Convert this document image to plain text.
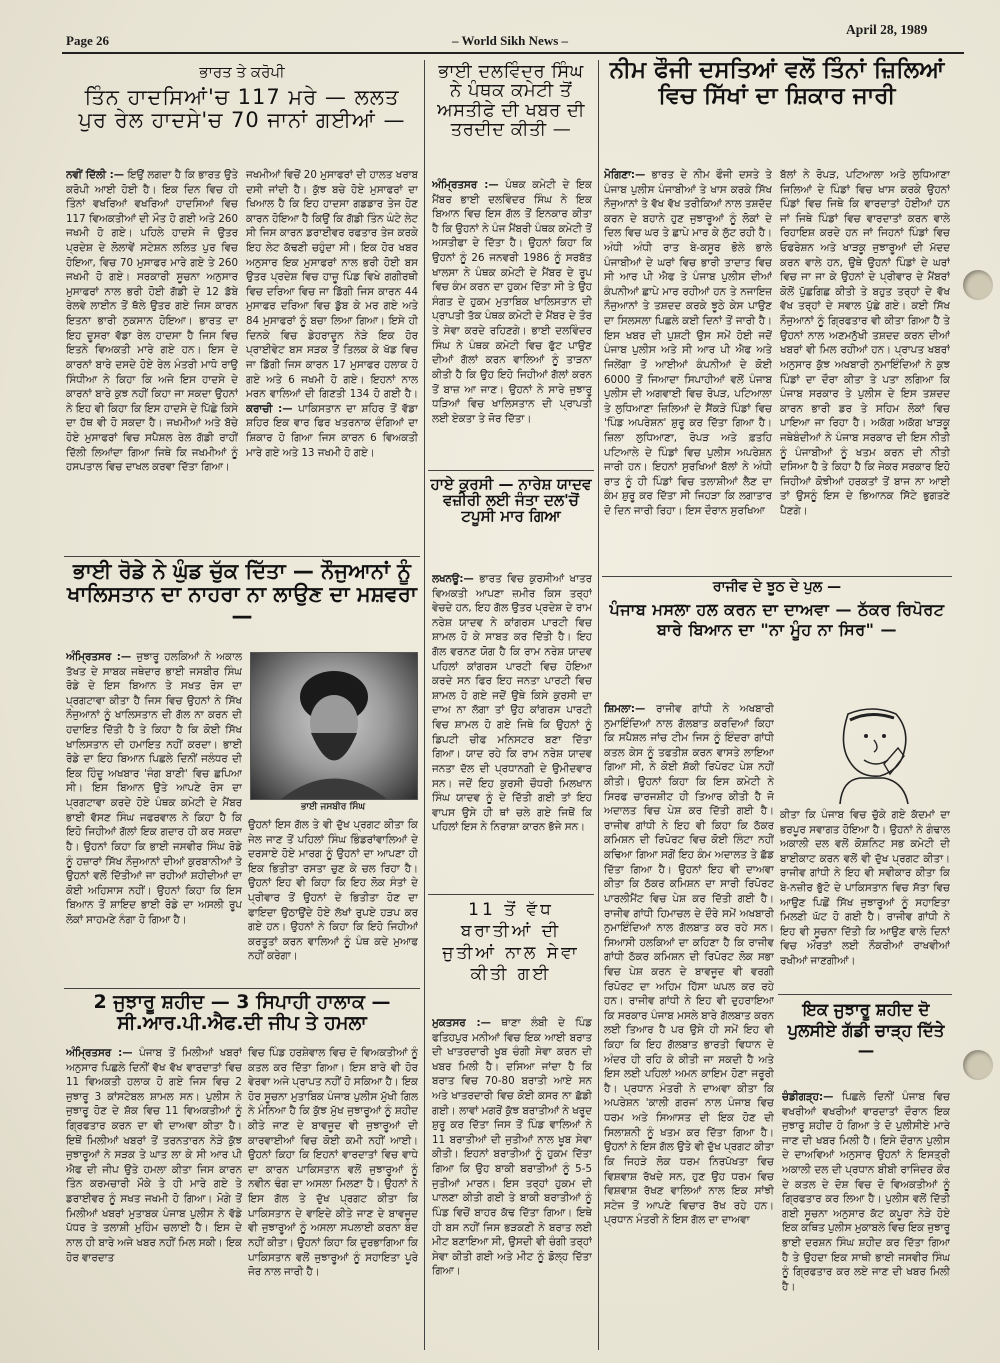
Page 26	– World Sikh News –
April 28, 1989
ਭਾਰਤ ਤੇ ਕਰੋਪੀ
ਤਿੰਨ ਹਾਦਸਿਆਂ'ਚ 117 ਮਰੇ — ਲਲਤ ਪੁਰ ਰੇਲ ਹਾਦਸੇ'ਚ 70 ਜਾਨਾਂ ਗਈਆਂ —
ਨਵੀਂ ਦਿੱਲੀ :— ਇਉਂ ਲਗਦਾ ਹੈ ਕਿ ਭਾਰਤ ਉਤੇ ਕਰੋਪੀ ਆਈ ਹੋਈ ਹੈ। ਇਕ ਦਿਨ ਵਿਚ ਹੀ ਤਿੰਨਾਂ ਵਖਰਿਆਂ ਵਖਰਿਆਂ ਹਾਦਸਿਆਂ ਵਿਚ 117 ਵਿਅਕਤੀਆਂ ਦੀ ਮੌਤ ਹੋ ਗਈ ਅਤੇ 260 ਜਖਮੀ ਹੋ ਗਏ। ਪਹਿਲੇ ਹਾਦਸੇ ਜੋ ਉਤਰ ਪ੍ਰਦੇਸ਼ ਦੇ ਲੋਲਾਵੇਂ ਸਟੇਸ਼ਨ ਲਲਿਤ ਪੁਰ ਵਿਚ ਹੋਇਆ, ਵਿਚ 70 ਮੁਸਾਫਰ ਮਾਰੇ ਗਏ ਤੇ 260 ਜਖਮੀ ਹੋ ਗਏ। ਸਰਕਾਰੀ ਸੂਚਨਾ ਅਨੁਸਾਰ ਮੁਸਾਫਰਾਂ ਨਾਲ ਭਰੀ ਹੋਈ ਗੱਡੀ ਦੇ 12 ਡੱਬੇ ਰੇਲਵੇ ਲਾਈਨ ਤੋਂ ਥੱਲੇ ਉਤਰ ਗਏ ਜਿਸ ਕਾਰਨ ਇਤਨਾ ਭਾਰੀ ਨੁਕਸਾਨ ਹੋਇਆ। ਭਾਰਤ ਦਾ ਇਹ ਦੂਸਰਾ ਵੱਡਾ ਰੇਲ ਹਾਦਸਾ ਹੈ ਜਿਸ ਵਿਚ ਇਤਨੇ ਵਿਅਕਤੀ ਮਾਰੇ ਗਏ ਹਨ। ਇਸ ਦੇ ਕਾਰਨਾਂ ਬਾਰੇ ਦਸਦੇ ਹੋਏ ਰੇਲ ਮੰਤਰੀ ਮਾਧੋ ਰਾਉ ਸਿੰਧੀਆ ਨੇ ਕਿਹਾ ਕਿ ਅਜੇ ਇਸ ਹਾਦਸੇ ਦੇ ਕਾਰਨਾਂ ਬਾਰੇ ਕੁਝ ਨਹੀਂ ਕਿਹਾ ਜਾ ਸਕਦਾ ਉਹਨਾਂ ਨੇ ਇਹ ਵੀ ਕਿਹਾ ਕਿ ਇਸ ਹਾਦਸੇ ਦੇ ਪਿੱਛੇ ਕਿਸੇ ਦਾ ਹੱਥ ਵੀ ਹੋ ਸਕਦਾ ਹੈ। ਜਖਮੀਆਂ ਅਤੇ ਬੱਚੇ ਹੋਏ ਮੁਸਾਫਰਾਂ ਵਿਚ ਸਪੈਸ਼ਲ ਰੇਲ ਗੱਡੀ ਰਾਹੀਂ ਦਿੱਲੀ ਲਿਆਂਦਾ ਗਿਆ ਜਿਥੇ ਕਿ ਜਖਮੀਆਂ ਨੂੰ ਹਸਪਤਾਲ ਵਿਚ ਦਾਖਲ ਕਰਵਾ ਦਿੱਤਾ ਗਿਆ।
ਜਖਮੀਆਂ ਵਿਚੋਂ 20 ਮੁਸਾਫਰਾਂ ਦੀ ਹਾਲਤ ਖਰਾਬ ਦਸੀ ਜਾਂਦੀ ਹੈ। ਕੁੱਝ ਬਚੇ ਹੋਏ ਮੁਸਾਫਰਾਂ ਦਾ ਖਿਆਲ ਹੈ ਕਿ ਇਹ ਹਾਦਸਾ ਗਡਡਾਰ ਤੇਜ ਹੋਣ ਕਾਰਨ ਹੋਇਆ ਹੈ ਕਿਉਂ ਕਿ ਗੱਡੀ ਤਿੰਨ ਘੰਟੇ ਲੇਟ ਸੀ ਜਿਸ ਕਾਰਨ ਡਰਾਈਵਰ ਰਫਤਾਰ ਤੇਜ ਕਰਕੇ ਇਹ ਲੇਟ ਕੱਢਣੀ ਚਹੁੰਦਾ ਸੀ। ਇਕ ਹੋਰ ਖਬਰ ਅਨੁਸਾਰ ਇਕ ਮੁਸਾਫਰਾਂ ਨਾਲ ਭਰੀ ਹੋਈ ਬਸ ਉਤਰ ਪ੍ਰਦੇਸ਼ ਵਿਚ ਹਾਜ਼ੂ ਪਿੰਡ ਵਿਖੇ ਗਗੀਰਥੀ ਵਿਚ ਦਰਿਆ ਵਿਚ ਜਾ ਡਿੱਗੀ ਜਿਸ ਕਾਰਨ 44 ਮੁਸਾਫਰ ਦਰਿਆ ਵਿਚ ਡੁੱਬ ਕੇ ਮਰ ਗਏ ਅਤੇ 84 ਮੁਸਾਫਰਾਂ ਨੂੰ ਬਚਾ ਲਿਆ ਗਿਆ। ਇਸੇ ਹੀ ਦਿਨਕੇ ਵਿਚ ਡੇਹਰਾਦੂਨ ਨੇੜੇ ਇਕ ਹੋਰ ਪ੍ਰਾਈਵੇਟ ਬਸ ਸੜਕ ਤੋਂ ਤਿਲਕ ਕੇ ਖੱਡ ਵਿਚ ਜਾ ਡਿੱਗੀ ਜਿਸ ਕਾਰਨ 17 ਮੁਸਾਫਰ ਹਲਾਕ ਹੋ ਗਏ ਅਤੇ 6 ਜਖਮੀ ਹੋ ਗਏ। ਇਹਨਾਂ ਨਾਲ ਮਰਨ ਵਾਲਿਆਂ ਦੀ ਗਿਣਤੀ 134 ਹੋ ਗਈ ਹੈ। ਕਰਾਚੀ :— ਪਾਕਿਸਤਾਨ ਦਾ ਸ਼ਹਿਰ ਤੋਂ ਵੱਡਾ ਸ਼ਹਿਰ ਇਕ ਵਾਰ ਫਿਰ ਖਤਰਨਾਕ ਦੰਗਿਆਂ ਦਾ ਸ਼ਿਕਾਰ ਹੋ ਗਿਆ ਜਿਸ ਕਾਰਨ 6 ਵਿਅਕਤੀ ਮਾਰੇ ਗਏ ਅਤੇ 13 ਜਖਮੀ ਹੋ ਗਏ।
ਭਾਈ ਰੋਡੇ ਨੇ ਘੁੰਡ ਚੁੱਕ ਦਿੱਤਾ — ਨੌਜੁਆਨਾਂ ਨੂੰ ਖਾਲਿਸਤਾਨ ਦਾ ਨਾਹਰਾ ਨਾ ਲਾਉਣ ਦਾ ਮਸ਼ਵਰਾ —
ਅੰਮ੍ਰਿਤਸਰ :— ਜੁਝਾਰੂ ਹਲਕਿਆਂ ਨੇ ਅਕਾਲ ਤੱਖਤ ਦੇ ਸਾਬਕ ਜਥੇਦਾਰ ਭਾਈ ਜਸਬੀਰ ਸਿੰਘ ਰੋਡੇ ਦੇ ਇਸ ਬਿਆਨ ਤੇ ਸਖਤ ਰੋਸ ਦਾ ਪ੍ਰਗਟਾਵਾ ਕੀਤਾ ਹੈ ਜਿਸ ਵਿਚ ਉਹਨਾਂ ਨੇ ਸਿੱਖ ਨੌਜੁਆਨਾਂ ਨੂੰ ਖਾਲਿਸਤਾਨ ਦੀ ਗੱਲ ਨਾ ਕਰਨ ਦੀ ਹਦਾਇਤ ਦਿੱਤੀ ਹੈ ਤੇ ਕਿਹਾ ਹੈ ਕਿ ਕੋਈ ਸਿੱਖ ਖਾਲਿਸਤਾਨ ਦੀ ਹਮਾਇਤ ਨਹੀਂ ਕਰਦਾ। ਭਾਈ ਰੋਡੇ ਦਾ ਇਹ ਬਿਆਨ ਪਿਛਲੇ ਦਿਨੀਂ ਜਲੰਧਰ ਦੀ ਇਕ ਹਿੰਦੂ ਅਖਬਾਰ 'ਜੰਗ ਬਾਣੀ' ਵਿਚ ਛਪਿਆ ਸੀ। ਇਸ ਬਿਆਨ ਉਤੇ ਆਪਣੇ ਰੋਸ ਦਾ ਪ੍ਰਗਟਾਵਾ ਕਰਦੇ ਹੋਏ ਪੰਥਕ ਕਮੇਟੀ ਦੇ ਮੈਂਬਰ ਭਾਈ ਵੱਸਣ ਸਿੰਘ ਜਫਰਵਾਲ ਨੇ ਕਿਹਾ ਹੈ ਕਿ ਇਹੋ ਜਿਹੀਆਂ ਗੱਲਾਂ ਇਕ ਗਦਾਰ ਹੀ ਕਰ ਸਕਦਾ ਹੈ। ਉਹਨਾਂ ਕਿਹਾ ਕਿ ਭਾਈ ਜਸਵੀਰ ਸਿੰਘ ਰੋਡੇ ਨੂੰ ਹਜ਼ਾਰਾਂ ਸਿੱਖ ਨੌਜੁਆਨਾਂ ਦੀਆਂ ਕੁਰਬਾਨੀਆਂ ਤੇ ਉਹਨਾਂ ਵਲੋਂ ਦਿੱਤੀਆਂ ਜਾ ਰਹੀਆਂ ਸ਼ਹੀਦੀਆਂ ਦਾ ਕੋਈ ਅਹਿਸਾਸ ਨਹੀਂ। ਉਹਨਾਂ ਕਿਹਾ ਕਿ ਇਸ ਬਿਆਨ ਤੋਂ ਸ਼ਾਇਦ ਭਾਈ ਰੋਡੇ ਦਾ ਅਸਲੀ ਰੂਪ ਲੋਕਾਂ ਸਾਹਮਣੇ ਨੰਗਾ ਹੋ ਗਿਆ ਹੈ।
ਭਾਈ ਜਸਬੀਰ ਸਿੰਘ
ਉਹਨਾਂ ਇਸ ਗੱਲ ਤੇ ਵੀ ਦੁੱਖ ਪ੍ਰਗਟ ਕੀਤਾ ਕਿ ਜੇਲ ਜਾਣ ਤੋਂ ਪਹਿਲਾਂ ਸਿੰਘ ਭਿੰਡਰਾਂਵਾਲਿਆਂ ਦੇ ਦਰਸਾਏ ਹੋਏ ਮਾਰਗ ਨੂੰ ਉਹਨਾਂ ਦਾ ਆਪਣਾ ਹੀ ਇਕ ਭਿਤੀਤਾ ਰਸਤਾ ਚੁਣ ਕੇ ਚਲ ਰਿਹਾ ਹੈ। ਉਹਨਾਂ ਇਹ ਵੀ ਕਿਹਾ ਕਿ ਇਹ ਲੋਕ ਸੰਤਾਂ ਦੇ ਪ੍ਰੀਵਾਰ ਤੋਂ ਉਹਨਾਂ ਦੇ ਭਿਤੀਤਾ ਹੋਣ ਦਾ ਫਾਇਦਾ ਉਠਾਉਂਦੇ ਹੋਏ ਲੱਖਾਂ ਰੁਪਏ ਹੜਪ ਕਰ ਗਏ ਹਨ। ਉਹਨਾਂ ਨੇ ਕਿਹਾ ਕਿ ਇਹੋ ਜਿਹੀਆਂ ਕਰਤੂਤਾਂ ਕਰਨ ਵਾਲਿਆਂ ਨੂੰ ਪੰਥ ਕਦੇ ਮੁਆਫ ਨਹੀਂ ਕਰੇਗਾ।
2 ਜੁਝਾਰੂ ਸ਼ਹੀਦ — 3 ਸਿਪਾਹੀ ਹਾਲਾਕ — ਸੀ.ਆਰ.ਪੀ.ਐਫ.ਦੀ ਜੀਪ ਤੇ ਹਮਲਾ
ਅੰਮ੍ਰਿਤਸਰ :— ਪੰਜਾਬ ਤੋਂ ਮਿਲੀਆਂ ਖਬਰਾਂ ਅਨੁਸਾਰ ਪਿਛਲੇ ਦਿਨੀਂ ਵੱਖ ਵੱਖ ਵਾਰਦਾਤਾਂ ਵਿਚ 11 ਵਿਅਕਤੀ ਹਲਾਕ ਹੋ ਗਏ ਜਿਸ ਵਿਚ 2 ਜੁਝਾਰੂ 3 ਕਾਂਸਟੇਬਲ ਸ਼ਾਮਲ ਸਨ। ਪੁਲੀਸ ਨੇ ਜੁਝਾਰੂ ਹੋਣ ਦੇ ਸ਼ੱਕ ਵਿਚ 11 ਵਿਅਕਤੀਆਂ ਨੂੰ ਗ੍ਰਿਫਤਾਰ ਕਰਨ ਦਾ ਵੀ ਦਾਅਵਾ ਕੀਤਾ ਹੈ। ਇਥੋਂ ਮਿਲੀਆਂ ਖਬਰਾਂ ਤੋਂ ਤਰਨਤਾਰਨ ਨੇੜੇ ਕੁੱਝ ਜੁਝਾਰੂਆਂ ਨੇ ਸੜਕ ਤੇ ਘਾਤ ਲਾ ਕੇ ਸੀ ਆਰ ਪੀ ਐਫ ਦੀ ਜੀਪ ਉਤੇ ਹਮਲਾ ਕੀਤਾ ਜਿਸ ਕਾਰਨ ਤਿੰਨ ਕਰਮਚਾਰੀ ਮੌਕੇ ਤੇ ਹੀ ਮਾਰੇ ਗਏ ਤੇ ਡਰਾਈਵਰ ਨੂੰ ਸਖਤ ਜਖਮੀ ਹੋ ਗਿਆ। ਮੋਗੇ ਤੋਂ ਮਿਲੀਆਂ ਖਬਰਾਂ ਮੁਤਾਬਕ ਪੰਜਾਬ ਪੁਲੀਸ ਨੇ ਵੱਡੇ ਪੱਧਰ ਤੇ ਤਲਾਸ਼ੀ ਮੁਹਿੰਮ ਚਲਾਈ ਹੈ। ਇਸ ਦੇ ਨਾਲ ਹੀ ਬਾਰੇ ਅਜੇ ਖਬਰ ਨਹੀਂ ਮਿਲ ਸਕੀ। ਇਕ ਹੋਰ ਵਾਰਦਾਤ
ਵਿਚ ਪਿੰਡ ਹਰਸ਼ੇਵਾਲ ਵਿਚ ਦੋ ਵਿਅਕਤੀਆਂ ਨੂੰ ਕਤਲ ਕਰ ਦਿੱਤਾ ਗਿਆ। ਇਸ ਬਾਰੇ ਵੀ ਹੋਰ ਵੇਰਵਾ ਅਜੇ ਪ੍ਰਾਪਤ ਨਹੀਂ ਹੋ ਸਕਿਆ ਹੈ। ਇਕ ਹੋਰ ਸੂਚਨਾ ਮੁਤਾਬਿਕ ਪੰਜਾਬ ਪੁਲੀਸ ਮੁੱਖੀ ਗਿਲ ਨੇ ਮੰਨਿਆ ਹੈ ਕਿ ਕੁੱਝ ਮੁੱਖ ਜੁਝਾਰੂਆਂ ਨੂੰ ਸ਼ਹੀਦ ਕੀਤੇ ਜਾਣ ਦੇ ਬਾਵਜੂਦ ਵੀ ਜੁਝਾਰੂਆਂ ਦੀ ਕਾਰਵਾਈਆਂ ਵਿਚ ਕੋਈ ਕਮੀ ਨਹੀਂ ਆਈ। ਉਹਨਾਂ ਕਿਹਾ ਕਿ ਇਹਨਾਂ ਵਾਰਦਾਤਾਂ ਵਿਚ ਵਾਧੇ ਦਾ ਕਾਰਨ ਪਾਕਿਸਤਾਨ ਵਲੋਂ ਜੁਝਾਰੂਆਂ ਨੂੰ ਨਵੀਨ ਢੰਗ ਦਾ ਅਸਲਾ ਮਿਲਣਾ ਹੈ। ਉਹਨਾਂ ਨੇ ਇਸ ਗੱਲ ਤੇ ਦੁੱਖ ਪ੍ਰਗਟ ਕੀਤਾ ਕਿ ਪਾਕਿਸਤਾਨ ਦੇ ਵਾਇਦੇ ਕੀਤੇ ਜਾਣ ਦੇ ਬਾਵਜੂਦ ਵੀ ਜੁਝਾਰੂਆਂ ਨੂੰ ਅਸਲਾ ਸਪਲਾਈ ਕਰਨਾ ਬੰਦ ਨਹੀਂ ਕੀਤਾ। ਉਹਨਾਂ ਕਿਹਾ ਕਿ ਦੁਰਭਾਗਿਆ ਕਿ ਪਾਕਿਸਤਾਨ ਵਲੋਂ ਜੁਝਾਰੂਆਂ ਨੂੰ ਸਹਾਇਤਾ ਪੂਰੇ ਜੋਰ ਨਾਲ ਜਾਰੀ ਹੈ।
ਭਾਈ ਦਲਵਿੰਦਰ ਸਿੰਘ ਨੇ ਪੰਥਕ ਕਮੇਟੀ ਤੋਂ ਅਸਤੀਫੇ ਦੀ ਖਬਰ ਦੀ ਤਰਦੀਦ ਕੀਤੀ —
ਅੰਮ੍ਰਿਤਸਰ :— ਪੰਥਕ ਕਮੇਟੀ ਦੇ ਇਕ ਮੈਂਬਰ ਭਾਈ ਦਲਵਿੰਦਰ ਸਿੰਘ ਨੇ ਇਕ ਬਿਆਨ ਵਿਚ ਇਸ ਗੱਲ ਤੋਂ ਇਨਕਾਰ ਕੀਤਾ ਹੈ ਕਿ ਉਹਨਾਂ ਨੇ ਪੰਜ ਮੈਂਬਰੀ ਪੰਥਕ ਕਮੇਟੀ ਤੋਂ ਅਸਤੀਫਾ ਦੇ ਦਿੱਤਾ ਹੈ। ਉਹਨਾਂ ਕਿਹਾ ਕਿ ਉਹਨਾਂ ਨੂੰ 26 ਜਨਵਰੀ 1986 ਨੂੰ ਸਰਬੱਤ ਖਾਲਸਾ ਨੇ ਪੰਥਕ ਕਮੇਟੀ ਦੇ ਮੈਂਬਰ ਦੇ ਰੂਪ ਵਿਚ ਕੰਮ ਕਰਨ ਦਾ ਹੁਕਮ ਦਿੱਤਾ ਸੀ ਤੇ ਉਹ ਸੰਗਤ ਦੇ ਹੁਕਮ ਮੁਤਾਬਿਕ ਖਾਲਿਸਤਾਨ ਦੀ ਪ੍ਰਾਪਤੀ ਤੱਕ ਪੰਥਕ ਕਮੇਟੀ ਦੇ ਮੈਂਬਰ ਦੇ ਤੌਰ ਤੇ ਸੇਵਾ ਕਰਦੇ ਰਹਿਣਗੇ। ਭਾਈ ਦਲਵਿੰਦਰ ਸਿੰਘ ਨੇ ਪੰਥਕ ਕਮੇਟੀ ਵਿਚ ਫੁੱਟ ਪਾਉਣ ਦੀਆਂ ਗੱਲਾਂ ਕਰਨ ਵਾਲਿਆਂ ਨੂੰ ਤਾੜਨਾ ਕੀਤੀ ਹੈ ਕਿ ਉਹ ਇਹੋ ਜਿਹੀਆਂ ਗੱਲਾਂ ਕਰਨ ਤੋਂ ਬਾਜ਼ ਆ ਜਾਣ। ਉਹਨਾਂ ਨੇ ਸਾਰੇ ਜੁਝਾਰੂ ਧੜਿਆਂ ਵਿਚ ਖਾਲਿਸਤਾਨ ਦੀ ਪ੍ਰਾਪਤੀ ਲਈ ਏਕਤਾ ਤੇ ਜੋਰ ਦਿੱਤਾ।
ਹਾਏ ਕੁਰਸੀ — ਨਾਰੇਸ਼ ਯਾਦਵ ਵਜ਼ੀਰੀ ਲਈ ਜੰਤਾ ਦਲ'ਚੋਂ ਟਪੂਸੀ ਮਾਰ ਗਿਆ
ਲਖਨਊ:— ਭਾਰਤ ਵਿਚ ਕੁਰਸੀਆਂ ਖਾਤਰ ਵਿਅਕਤੀ ਆਪਣਾ ਜ਼ਮੀਰ ਕਿਸ ਤਰ੍ਹਾਂ ਵੇਚਦੇ ਹਨ, ਇਹ ਗੱਲ ਉਤਰ ਪ੍ਰਦੇਸ਼ ਦੇ ਰਾਮ ਨਰੇਸ਼ ਯਾਦਵ ਨੇ ਕਾਂਗਰਸ ਪਾਰਟੀ ਵਿਚ ਸ਼ਾਮਲ ਹੋ ਕੇ ਸਾਬਤ ਕਰ ਦਿੱਤੀ ਹੈ। ਇਹ ਗੱਲ ਵਰਨਣ ਯੋਗ ਹੈ ਕਿ ਰਾਮ ਨਰੇਸ਼ ਯਾਦਵ ਪਹਿਲਾਂ ਕਾਂਗਰਸ ਪਾਰਟੀ ਵਿਚ ਹੋਇਆ ਕਰਦੇ ਸਨ ਫਿਰ ਇਹ ਜਨਤਾ ਪਾਰਟੀ ਵਿਚ ਸ਼ਾਮਲ ਹੋ ਗਏ ਜਦੋਂ ਉਥੇ ਕਿਸੇ ਕੁਰਸੀ ਦਾ ਦਾਅ ਨਾ ਲੱਗਾ ਤਾਂ ਉਹ ਕਾਂਗਰਸ ਪਾਰਟੀ ਵਿਚ ਸ਼ਾਮਲ ਹੋ ਗਏ ਜਿਥੇ ਕਿ ਉਹਨਾਂ ਨੂੰ ਡਿਪਟੀ ਚੀਫ ਮਨਿਸਟਰ ਬਣਾ ਦਿੱਤਾ ਗਿਆ। ਯਾਦ ਰਹੇ ਕਿ ਰਾਮ ਨਰੇਸ਼ ਯਾਦਵ ਜਨਤਾ ਦੱਲ ਦੀ ਪ੍ਰਧਾਨਗੀ ਦੇ ਉਮੀਦਵਾਰ ਸਨ। ਜਦੋਂ ਇਹ ਕੁਰਸੀ ਚੌਧਰੀ ਮਿਲਖਾਨ ਸਿੰਘ ਯਾਦਵ ਨੂੰ ਦੇ ਦਿੱਤੀ ਗਈ ਤਾਂ ਇਹ ਵਾਪਸ ਉਸੇ ਹੀ ਥਾਂ ਚਲੇ ਗਏ ਜਿਥੋਂ ਕਿ ਪਹਿਲਾਂ ਇਸ ਨੇ ਨਿਰਾਸ਼ਾ ਕਾਰਨ ਭੱਜੇ ਸਨ।
11 ਤੋਂ ਵੱਧ ਬਰਾਤੀਆਂ ਦੀ ਜੁਤੀਆਂ ਨਾਲ ਸੇਵਾ ਕੀਤੀ ਗਈ
ਮੁਕਤਸਰ :— ਥਾਣਾ ਲੰਬੀ ਦੇ ਪਿੰਡ ਫਤਿਹਪੁਰ ਮਨੀਆਂ ਵਿਚ ਇਕ ਆਈ ਬਰਾਤ ਦੀ ਖਾਤਰਦਾਰੀ ਖੂਬ ਚੰਗੀ ਸੇਵਾ ਕਰਨ ਦੀ ਖਬਰ ਮਿਲੀ ਹੈ। ਦਸਿਆ ਜਾਂਦਾ ਹੈ ਕਿ ਬਰਾਤ ਵਿਚ 70-80 ਬਰਾਤੀ ਆਏ ਸਨ ਅਤੇ ਖਾਤਰਦਾਰੀ ਵਿਚ ਕੋਈ ਕਸਰ ਨਾ ਛੱਡੀ ਗਈ। ਲਾਵਾਂ ਮਗਰੋਂ ਕੁੱਝ ਬਰਾਤੀਆਂ ਨੇ ਖਰੂਦ ਸ਼ੁਰੂ ਕਰ ਦਿੱਤਾ ਜਿਸ ਤੋਂ ਪਿੰਡ ਵਾਲਿਆਂ ਨੇ 11 ਬਰਾਤੀਆਂ ਦੀ ਜੁਤੀਆਂ ਨਾਲ ਖੂਬ ਸੇਵਾ ਕੀਤੀ। ਇਹਨਾਂ ਬਰਾਤੀਆਂ ਨੂੰ ਹੁਕਮ ਦਿੱਤਾ ਗਿਆ ਕਿ ਉਹ ਬਾਕੀ ਬਰਾਤੀਆਂ ਨੂੰ 5-5 ਜੁਤੀਆਂ ਮਾਰਨ। ਇਸ ਤਰ੍ਹਾਂ ਹੁਕਮ ਦੀ ਪਾਲਣਾ ਕੀਤੀ ਗਈ ਤੇ ਬਾਕੀ ਬਰਾਤੀਆਂ ਨੂੰ ਪਿੰਡ ਵਿਚੋਂ ਬਾਹਰ ਕੱਢ ਦਿੱਤਾ ਗਿਆ। ਇਥੇ ਹੀ ਬਸ ਨਹੀਂ ਜਿਸ ਭੜਕਣੀ ਨੇ ਬਰਾਤ ਲਈ ਮੀਟ ਬਣਾਇਆ ਸੀ, ਉਸਦੀ ਵੀ ਚੰਗੀ ਤਰ੍ਹਾਂ ਸੇਵਾ ਕੀਤੀ ਗਈ ਅਤੇ ਮੀਟ ਨੂੰ ਡੋਲ੍ਹ ਦਿੱਤਾ ਗਿਆ।
ਨੀਮ ਫੌਜੀ ਦਸਤਿਆਂ ਵਲੋਂ ਤਿੰਨਾਂ ਜ਼ਿਲਿਆਂ ਵਿਚ ਸਿੱਖਾਂ ਦਾ ਸ਼ਿਕਾਰ ਜਾਰੀ
ਮੋਗਿਣਾ:— ਭਾਰਤ ਦੇ ਨੀਮ ਫੌਜੀ ਦਸਤੇ ਤੇ ਪੰਜਾਬ ਪੁਲੀਸ ਪੰਜਾਬੀਆਂ ਤੇ ਖਾਸ ਕਰਕੇ ਸਿੱਖ ਨੌਜੁਆਨਾਂ ਤੇ ਵੱਖ ਵੱਖ ਤਰੀਕਿਆਂ ਨਾਲ ਤਸ਼ਦੱਦ ਕਰਨ ਦੇ ਬਹਾਨੇ ਹੁਣ ਜੁਝਾਰੂਆਂ ਨੂੰ ਲੋਕਾਂ ਦੇ ਦਿਲ ਵਿਚ ਘਰ ਤੇ ਛਾਪੇ ਮਾਰ ਕੇ ਲੁੱਟ ਰਹੀ ਹੈ। ਅੰਧੀ ਅੰਧੀ ਰਾਤ ਬੇ-ਕਸੂਰ ਭੋਲੇ ਭਾਲੇ ਪੰਜਾਬੀਆਂ ਦੇ ਘਰਾਂ ਵਿਚ ਭਾਰੀ ਤਾਦਾਤ ਵਿਚ ਸੀ ਆਰ ਪੀ ਐਫ ਤੇ ਪੰਜਾਬ ਪੁਲੀਸ ਦੀਆਂ ਕੰਪਨੀਆਂ ਛਾਪੇ ਮਾਰ ਰਹੀਆਂ ਹਨ ਤੇ ਨਜਾਇਜ਼ ਨੌਜੁਆਨਾਂ ਤੇ ਤਸ਼ਦਦ ਕਰਕੇ ਝੂਠੇ ਕੇਸ ਪਾਉਣ ਦਾ ਸਿਲਸਲਾ ਪਿਛਲੇ ਕਈ ਦਿਨਾਂ ਤੋਂ ਜਾਰੀ ਹੈ। ਇਸ ਖਬਰ ਦੀ ਪੁਸ਼ਟੀ ਉਸ ਸਮੇਂ ਹੋਈ ਜਦੋਂ ਪੰਜਾਬ ਪੁਲੀਸ ਅਤੇ ਸੀ ਆਰ ਪੀ ਐਫ ਅਤੇ ਜਿਲੇਂਗਾ ਤੋਂ ਆਈਆਂ ਕੰਪਨੀਆਂ ਦੇ ਕੋਈ 6000 ਤੋਂ ਜਿਆਦਾ ਸਿਪਾਹੀਆਂ ਵਲੋਂ ਪੰਜਾਬ ਪੁਲੀਸ ਦੀ ਅਗਵਾਈ ਵਿਚ ਰੋਪੜ, ਪਟਿਆਲਾ ਤੇ ਲੁਧਿਆਣਾ ਜ਼ਿਲਿਆਂ ਦੇ ਸੈਂਕੜੇ ਪਿੰਡਾਂ ਵਿਚ 'ਪਿੰਡ ਅਪਰੇਸ਼ਨ' ਸ਼ੁਰੂ ਕਰ ਦਿੱਤਾ ਗਿਆ ਹੈ। ਜ਼ਿਲਾ ਲੁਧਿਆਣਾ, ਰੋਪੜ ਅਤੇ ਫ਼ਤਹਿ ਪਟਿਆਲੇ ਦੇ ਪਿੰਡਾਂ ਵਿਚ ਪੁਲੀਸ ਅਪਰੇਸ਼ਨ ਜਾਰੀ ਹਨ। ਇਹਨਾਂ ਸੁਰਖਿਆਂ ਬੱਲਾਂ ਨੇ ਅੰਧੀ ਰਾਤ ਨੂੰ ਹੀ ਪਿੰਡਾਂ ਵਿਚ ਤਲਾਸ਼ੀਆਂ ਲੈਣ ਦਾ ਕੰਮ ਸ਼ੁਰੂ ਕਰ ਦਿੱਤਾ ਸੀ ਜਿਹੜਾ ਕਿ ਲਗਾਤਾਰ ਦੋ ਦਿਨ ਜਾਰੀ ਰਿਹਾ। ਇਸ ਦੌਰਾਨ ਸੁਰਖਿਆ
ਬੱਲਾਂ ਨੇ ਰੋਪੜ, ਪਟਿਆਲਾ ਅਤੇ ਲੁਧਿਆਣਾ ਜਿਲਿਆਂ ਦੇ ਪਿੰਡਾਂ ਵਿਚ ਖਾਸ ਕਰਕੇ ਉਹਨਾਂ ਪਿੰਡਾਂ ਵਿਚ ਜਿਥੇ ਕਿ ਵਾਰਦਾਤਾਂ ਹੋਈਆਂ ਹਨ ਜਾਂ ਜਿਥੇ ਪਿੰਡਾਂ ਵਿਚ ਵਾਰਦਾਤਾਂ ਕਰਨ ਵਾਲੇ ਰਿਹਾਇਸ਼ ਕਰਦੇ ਹਨ ਜਾਂ ਜਿਹਨਾਂ ਪਿੰਡਾਂ ਵਿਚ ਓਫਰੇਸ਼ਨ ਅਤੇ ਖਾੜਕੂ ਜੁਝਾਰੂਆਂ ਦੀ ਮੱਦਦ ਕਰਨ ਵਾਲੇ ਹਨ, ਉਥੇ ਉਹਨਾਂ ਪਿੰਡਾਂ ਦੇ ਘਰਾਂ ਵਿਚ ਜਾ ਜਾ ਕੇ ਉਹਨਾਂ ਦੇ ਪ੍ਰੀਵਾਰ ਦੇ ਮੈਂਬਰਾਂ ਕੋਲੋਂ ਪੁੱਛਗਿਛ ਕੀਤੀ ਤੇ ਬਹੁਤ ਤਰ੍ਹਾਂ ਦੇ ਵੱਖ ਵੱਖ ਤਰ੍ਹਾਂ ਦੇ ਸਵਾਲ ਪੁੱਛੇ ਗਏ। ਕਈ ਸਿੱਖ ਨੌਜੁਆਨਾਂ ਨੂੰ ਗ੍ਰਿਫਤਾਰ ਵੀ ਕੀਤਾ ਗਿਆ ਹੈ ਤੇ ਉਹਨਾਂ ਨਾਲ ਅਣਮਨੁੱਖੀ ਤਸ਼ਦਦ ਕਰਨ ਦੀਆਂ ਖਬਰਾਂ ਵੀ ਮਿਲ ਰਹੀਆਂ ਹਨ। ਪ੍ਰਾਪਤ ਖਬਰਾਂ ਅਨੁਸਾਰ ਕੁੱਝ ਅਖਬਾਰੀ ਨੁਮਾਇੰਦਿਆਂ ਨੇ ਕੁਝ ਪਿੰਡਾਂ ਦਾ ਦੌਰਾ ਕੀਤਾ ਤੇ ਪਤਾ ਲਗਿਆ ਕਿ ਪੰਜਾਬ ਸਰਕਾਰ ਤੇ ਪੁਲੀਸ ਦੇ ਇਸ ਤਸ਼ਦਦ ਕਾਰਨ ਭਾਰੀ ਡਰ ਤੇ ਸਹਿਮ ਲੋਕਾਂ ਵਿਚ ਪਾਇਆ ਜਾ ਰਿਹਾ ਹੈ। ਅਕੱਗ ਅਕੱਗ ਖਾੜਕੂ ਜਥੇਬੰਦੀਆਂ ਨੇ ਪੰਜਾਬ ਸਰਕਾਰ ਦੀ ਇਸ ਨੀਤੀ ਨੂੰ ਪੰਜਾਬੀਆਂ ਨੂੰ ਖਤਮ ਕਰਨ ਦੀ ਨੀਤੀ ਦਸਿਆ ਹੈ ਤੇ ਕਿਹਾ ਹੈ ਕਿ ਜੇਕਰ ਸਰਕਾਰ ਇਹੋ ਜਿਹੀਆਂ ਕੋਝੀਆਂ ਹਰਕਤਾਂ ਤੋਂ ਬਾਜ ਨਾ ਆਈ ਤਾਂ ਉਸਨੂੰ ਇਸ ਦੇ ਭਿਆਨਕ ਸਿੱਟੇ ਭੁਗਤਣੇ ਪੈਣਗੇ।
ਰਾਜੀਵ ਦੇ ਝੂਠ ਦੇ ਪੁਲ —
ਪੰਜਾਬ ਮਸਲਾ ਹਲ ਕਰਨ ਦਾ ਦਾਅਵਾ — ਠੱਕਰ ਰਿਪੋਰਟ ਬਾਰੇ ਬਿਆਨ ਦਾ "ਨਾ ਮੂੰਹ ਨਾ ਸਿਰ" —
ਸ਼ਿਮਲਾ:— ਰਾਜੀਵ ਗਾਂਧੀ ਨੇ ਅਖਬਾਰੀ ਨੁਮਾਇੰਦਿਆਂ ਨਾਲ ਗੱਲਬਾਤ ਕਰਦਿਆਂ ਕਿਹਾ ਕਿ ਸਪੈਸ਼ਲ ਜਾਂਚ ਟੀਮ ਜਿਸ ਨੂੰ ਇੰਦਰਾ ਗਾਂਧੀ ਕਤਲ ਕੇਸ ਨੂੰ ਤਫਤੀਸ਼ ਕਰਨ ਵਾਸਤੇ ਲਾਇਆ ਗਿਆ ਸੀ, ਨੇ ਕੋਈ ਸ਼ੱਕੀ ਰਿਪੋਰਟ ਪੇਸ਼ ਨਹੀਂ ਕੀਤੀ। ਉਹਨਾਂ ਕਿਹਾ ਕਿ ਇਸ ਕਮੇਟੀ ਨੇ ਸਿਰਫ ਚਾਰਜਸ਼ੀਟ ਹੀ ਤਿਆਰ ਕੀਤੀ ਹੈ ਜੋ ਅਦਾਲਤ ਵਿਚ ਪੇਸ਼ ਕਰ ਦਿੱਤੀ ਗਈ ਹੈ। ਰਾਜੀਵ ਗਾਂਧੀ ਨੇ ਇਹ ਵੀ ਕਿਹਾ ਕਿ ਠੱਕਰ ਕਮਿਸ਼ਨ ਦੀ ਰਿਪੋਰਟ ਵਿਚ ਕੋਈ ਲਿੰਟਾ ਨਹੀਂ ਕਢਿਆ ਗਿਆ ਸਗੋਂ ਇਹ ਕੰਮ ਅਦਾਲਤ ਤੇ ਛੱਡ ਦਿੱਤਾ ਗਿਆ ਹੈ। ਉਹਨਾਂ ਇਹ ਵੀ ਦਾਅਵਾ ਕੀਤਾ ਕਿ ਠੱਕਰ ਕਮਿਸ਼ਨ ਦਾ ਸਾਰੀ ਰਿਪੋਰਟ ਪਾਰਲੀਮੈਂਟ ਵਿਚ ਪੇਸ਼ ਕਰ ਦਿੱਤੀ ਗਈ ਹੈ। ਰਾਜੀਵ ਗਾਂਧੀ ਹਿਮਾਚਲ ਦੇ ਦੌਰੇ ਸਮੇਂ ਅਖਬਾਰੀ ਨੁਮਾਇੰਦਿਆਂ ਨਾਲ ਗੱਲਬਾਤ ਕਰ ਰਹੇ ਸਨ। ਸਿਆਸੀ ਹਲਕਿਆਂ ਦਾ ਕਹਿਣਾ ਹੈ ਕਿ ਰਾਜੀਵ ਗਾਂਧੀ ਠੱਕਰ ਕਮਿਸ਼ਨ ਦੀ ਰਿਪੋਰਟ ਲੋਕ ਸਭਾ ਵਿਚ ਪੇਸ਼ ਕਰਨ ਦੇ ਬਾਵਜੂਦ ਵੀ ਵਰਗੀ ਰਿਪੋਰਟ ਦਾ ਅਹਿਮ ਹਿੱਸਾ ਘਪਲ ਕਰ ਰਹੇ ਹਨ। ਰਾਜੀਵ ਗਾਂਧੀ ਨੇ ਇਹ ਵੀ ਦੁਹਰਾਇਆ ਕਿ ਸਰਕਾਰ ਪੰਜਾਬ ਮਸਲੇ ਬਾਰੇ ਗੱਲਬਾਤ ਕਰਨ ਲਈ ਤਿਆਰ ਹੈ ਪਰ ਉਸੇ ਹੀ ਸਮੇਂ ਇਹ ਵੀ ਕਿਹਾ ਕਿ ਇਹ ਗੱਲਬਾਤ ਭਾਰਤੀ ਵਿਧਾਨ ਦੇ ਅੰਦਰ ਹੀ ਰਹਿ ਕੇ ਕੀਤੀ ਜਾ ਸਕਦੀ ਹੈ ਅਤੇ ਇਸ ਲਈ ਪਹਿਲਾਂ ਅਮਨ ਕਾਇਮ ਹੋਣਾ ਜਰੂਰੀ ਹੈ। ਪ੍ਰਧਾਨ ਮੰਤਰੀ ਨੇ ਦਾਅਵਾ ਕੀਤਾ ਕਿ ਅਪਰੇਸ਼ਨ 'ਕਾਲੀ ਗਰਜ' ਨਾਲ ਪੰਜਾਬ ਵਿਚ ਧਰਮ ਅਤੇ ਸਿਆਸਤ ਦੀ ਇਕ ਹੋਣ ਦੀ ਸਿਲਾਸ਼ਨੀ ਨੂੰ ਖਤਮ ਕਰ ਦਿੱਤਾ ਗਿਆ ਹੈ। ਉਹਨਾਂ ਨੇ ਇਸ ਗੱਲ ਉਤੇ ਵੀ ਦੁੱਖ ਪ੍ਰਗਟ ਕੀਤਾ ਕਿ ਜਿਹੜੇ ਲੋਕ ਧਰਮ ਨਿਰਪੱਖਤਾ ਵਿਚ ਵਿਸ਼ਵਾਸ਼ ਰੱਖਦੇ ਸਨ, ਹੁਣ ਉਹ ਧਰਮ ਵਿਚ ਵਿਸ਼ਵਾਸ਼ ਰੱਖਣ ਵਾਲਿਆਂ ਨਾਲ ਇਕ ਸਾਂਝੀ ਸਟੇਜ ਤੋਂ ਆਪਣੇ ਵਿਚਾਰ ਰੱਖ ਰਹੇ ਹਨ। ਪ੍ਰਧਾਨ ਮੰਤਰੀ ਨੇ ਇਸ ਗੱਲ ਦਾ ਦਾਅਵਾ
ਕੀਤਾ ਕਿ ਪੰਜਾਬ ਵਿਚ ਚੁੱਕੇ ਗਏ ਕੱਦਮਾਂ ਦਾ ਭਰਪੂਰ ਸਵਾਗਤ ਹੋਇਆ ਹੈ। ਉਹਨਾਂ ਨੇ ਗੰਢਾਲ ਅਕਾਲੀ ਦਲ ਵਲੋਂ ਕੋਸ਼ਨਿਟ ਸਭ ਕਮੇਟੀ ਦੀ ਬਾਈਕਾਟ ਕਰਨ ਵਲੋਂ ਵੀ ਦੁੱਖ ਪ੍ਰਗਟ ਕੀਤਾ। ਰਾਜੀਵ ਗਾਂਧੀ ਨੇ ਇਹ ਵੀ ਸਵੀਕਾਰ ਕੀਤਾ ਕਿ ਬੇ-ਨਜ਼ੀਰ ਭੁੱਟੋ ਦੇ ਪਾਕਿਸਤਾਨ ਵਿਚ ਸੱਤਾ ਵਿਚ ਆਉਣ ਪਿਛੋਂ ਸਿੱਖ ਜੁਝਾਰੂਆਂ ਨੂੰ ਸਹਾਇਤਾ ਮਿਲਣੀ ਘੱਟ ਹੋ ਗਈ ਹੈ। ਰਾਜੀਵ ਗਾਂਧੀ ਨੇ ਇਹ ਵੀ ਸੂਚਨਾ ਦਿੱਤੀ ਕਿ ਆਉਣ ਵਾਲੇ ਦਿਨਾਂ ਵਿਚ ਔਰਤਾਂ ਲਈ ਨੌਕਰੀਆਂ ਰਾਖਵੀਆਂ ਰਖੀਆਂ ਜਾਣਗੀਆਂ।
ਇਕ ਜੁਝਾਰੂ ਸ਼ਹੀਦ ਦੋ ਪੁਲਸੀਏ ਗੱਡੀ ਚਾੜ੍ਹ ਦਿੱਤੇ —
ਚੰਡੀਗੜ੍ਹ:— ਪਿਛਲੇ ਦਿਨੀਂ ਪੰਜਾਬ ਵਿਚ ਵਖਰੀਆਂ ਵਖਰੀਆਂ ਵਾਰਦਾਤਾਂ ਦੌਰਾਨ ਇਕ ਜੁਝਾਰੂ ਸ਼ਹੀਦ ਹੋ ਗਿਆ ਤੇ ਦੋ ਪੁਲੀਸੀਏ ਮਾਰੇ ਜਾਣ ਦੀ ਖਬਰ ਮਿਲੀ ਹੈ। ਇਸੇ ਦੌਰਾਨ ਪੁਲੀਸ ਦੇ ਦਾਅਵਿਆਂ ਅਨੁਸਾਰ ਉਹਨਾਂ ਨੇ ਇਸਤ੍ਰੀ ਅਕਾਲੀ ਦਲ ਦੀ ਪ੍ਰਧਾਨ ਬੀਬੀ ਰਾਜਿੰਦਰ ਕੌਰ ਦੇ ਕਤਲ ਦੇ ਦੋਸ਼ ਵਿਚ ਦੋ ਵਿਅਕਤੀਆਂ ਨੂੰ ਗ੍ਰਿਫਤਾਰ ਕਰ ਲਿਆ ਹੈ। ਪੁਲੀਸ ਵਲੋਂ ਦਿੱਤੀ ਗਈ ਸੂਚਨਾ ਅਨੁਸਾਰ ਕੱਟ ਕਪੂਰਾ ਨੇੜੇ ਹੋਏ ਇਕ ਕਥਿਤ ਪੁਲੀਸ ਮੁਕਾਬਲੇ ਵਿਚ ਇਕ ਜੁਝਾਰੂ ਭਾਈ ਦਰਸ਼ਨ ਸਿੰਘ ਸ਼ਹੀਦ ਕਰ ਦਿੱਤਾ ਗਿਆ ਹੈ ਤੇ ਉਹਦਾ ਇਕ ਸਾਥੀ ਭਾਈ ਜਸਵੀਰ ਸਿੰਘ ਨੂੰ ਗ੍ਰਿਫਤਾਰ ਕਰ ਲਏ ਜਾਣ ਦੀ ਖਬਰ ਮਿਲੀ ਹੈ।
